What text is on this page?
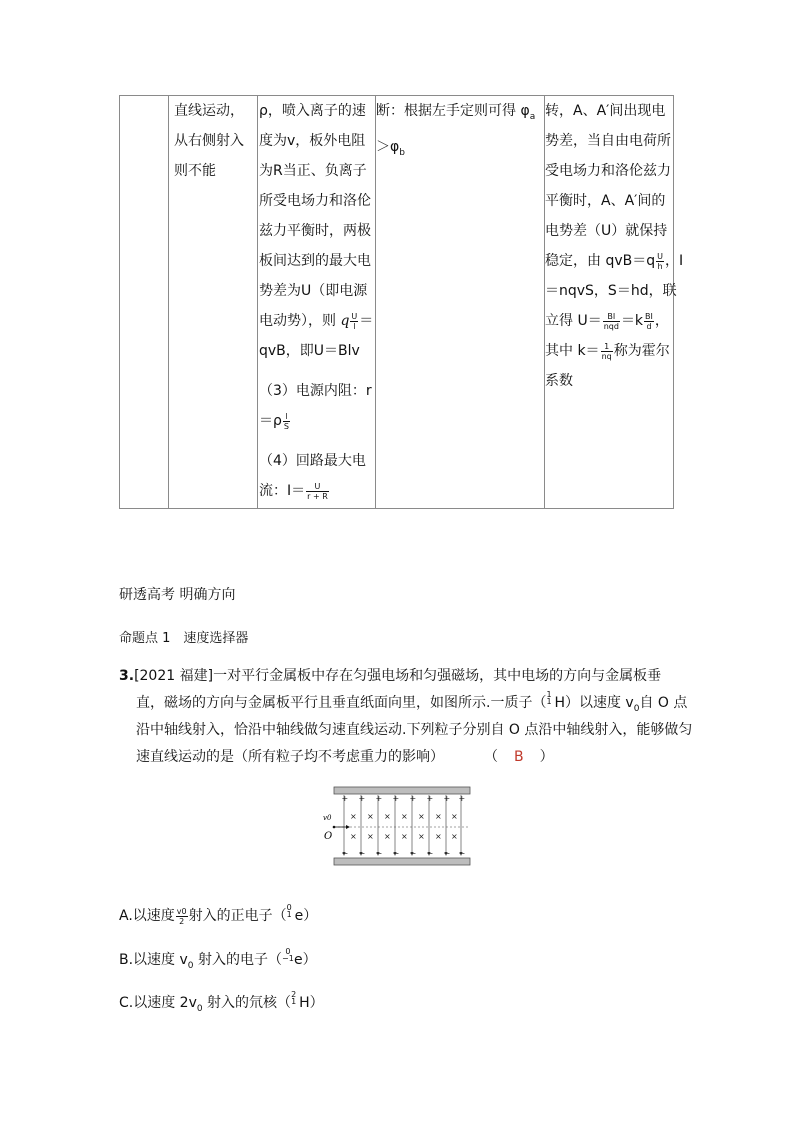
直线运动，
从右侧射入
则不能
ρ，喷入离子的速
度为v，板外电阻
为R当正、负离子
所受电场力和洛伦
兹力平衡时，两极
板间达到的最大电
势差为U（即电源
电动势），则 q $\frac{U}{l}$ ＝
qvB，即U＝Blv
（3）电源内阻：r
$=\rho \frac{l}{S}$
（4）回路最大电
流：$I= \frac{U}{r + R}$
断：根据左手定则可得 $\varphi_a$
$>\varphi_b$
转，A、A′间出现电
势差，当自由电荷所
受电场力和洛伦兹力
平衡时，A、A′间的
电势差（U）就保持
稳定，由 $qvB=q \frac{U}{h}$ ，I
＝nqvS，S＝hd，联
立得 $U= \frac{BI}{\text{nqd}} =k \frac{BI}{d}$ ，
其中 $k= \frac{1}{nq}$ 称为霍尔
系数
研透高考 明确方向
命题点 1　速度选择器
3.[2021 福建]一对平行金属板中存在匀强电场和匀强磁场，其中电场的方向与金属板垂
直，磁场的方向与金属板平行且垂直纸面向里，如图所示.一质子（
1
1 H）以速度 $v_0$自 O 点
沿中轴线射入，恰沿中轴线做匀速直线运动.下列粒子分别自 O 点沿中轴线射入，能够做匀
速直线运动的是（所有粒子均不考虑重力的影响）	（ B ）
+ + + + + + + +
− − − − − − − −
× × × × × × ×
× × × × × × ×
v0
O
A.以速度 $\frac{v0}{2}$ 射入的正电子（
0
1 e）
B.以速度 $v_0$ 射入的电子（
0
−1 e）
C.以速度 $2v_0$ 射入的氘核（
2
1 H）
